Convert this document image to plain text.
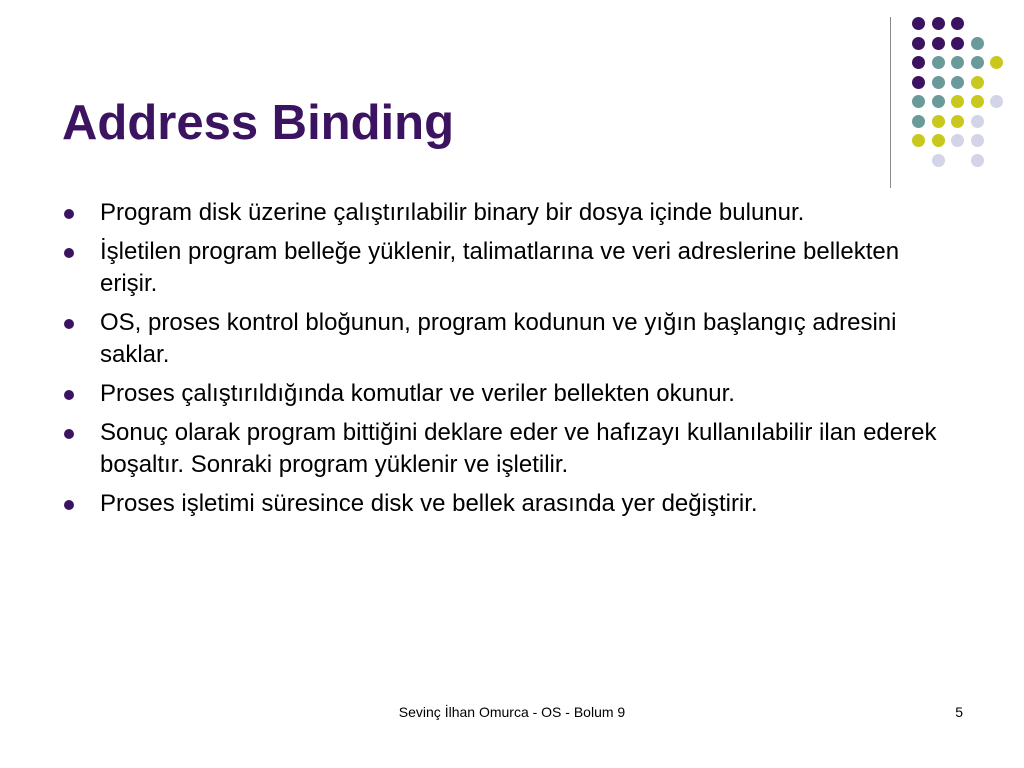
Address Binding
Program disk üzerine çalıştırılabilir binary bir dosya içinde bulunur.
İşletilen program belleğe yüklenir, talimatlarına ve veri adreslerine bellekten erişir.
OS, proses kontrol bloğunun, program kodunun ve yığın başlangıç adresini saklar.
Proses çalıştırıldığında komutlar ve veriler bellekten okunur.
Sonuç olarak program bittiğini deklare eder ve hafızayı kullanılabilir ilan ederek boşaltır. Sonraki program yüklenir ve işletilir.
Proses işletimi süresince disk ve bellek arasında yer değiştirir.
Sevinç İlhan Omurca - OS - Bolum 9	5
